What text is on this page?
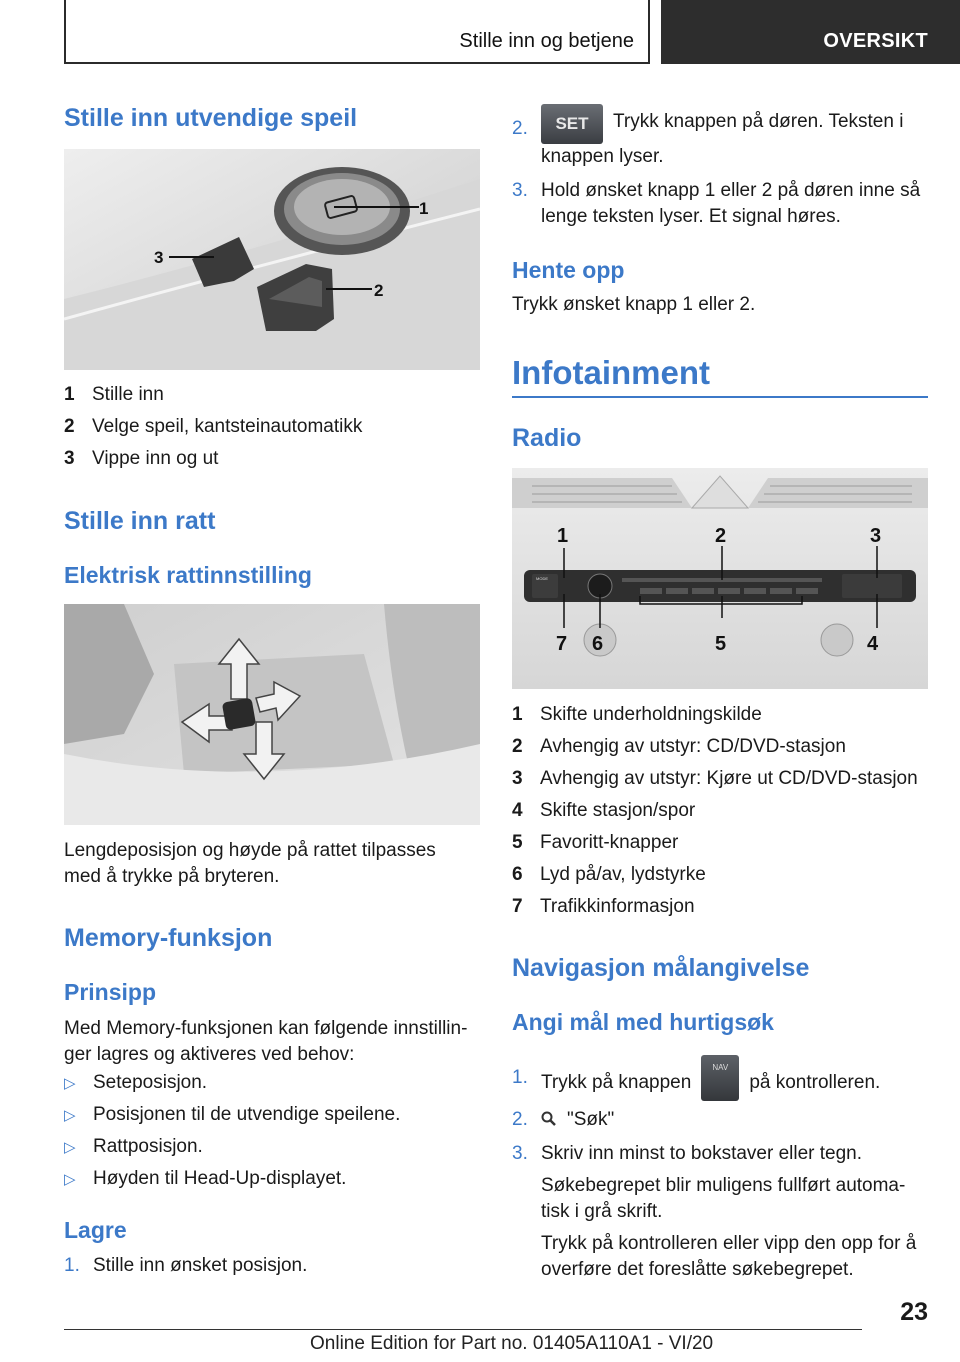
Stille inn og betjene	OVERSIKT
Stille inn utvendige speil
1
2
3
1 Stille inn
2 Velge speil, kantsteinautomatikk
3 Vippe inn og ut
Stille inn ratt
Elektrisk rattinnstilling

Lengdeposisjon og høyde på rattet tilpasses

med å trykke på bryteren.

Memory-funksjon
Prinsipp

Med Memory-funksjonen kan følgende innstillin-

ger lagres og aktiveres ved behov:

▷ Seteposisjon.
▷ Posisjonen til de utvendige speilene.
▷ Rattposisjon.
▷ Høyden til Head-Up-displayet.
Lagre
1. Stille inn ønsket posisjon.
2.	SET Trykk knappen på døren. Teksten i
knappen lyser.
3. Hold ønsket knapp 1 eller 2 på døren inne så
lenge teksten lyser. Et signal høres.
Hente opp

Trykk ønsket knapp 1 eller 2.

Infotainment
Radio
MODE
1	2	3
4
5
6
7
1 Skifte underholdningskilde
2 Avhengig av utstyr: CD/DVD-stasjon
3 Avhengig av utstyr: Kjøre ut CD/DVD-stasjon
4 Skifte stasjon/spor
5 Favoritt-knapper
6 Lyd på/av, lydstyrke
7 Trafikkinformasjon
Navigasjon målangivelse
Angi mål med hurtigsøk
1. Trykk på knappenNAVpå kontrolleren.
2. "Søk"
3. Skriv inn minst to bokstaver eller tegn.
Søkebegrepet blir muligens fullført automa-tisk i grå skrift.
Trykk på kontrolleren eller vipp den opp for å overføre det foreslåtte søkebegrepet.
23
Online Edition for Part no. 01405A110A1 - VI/20
